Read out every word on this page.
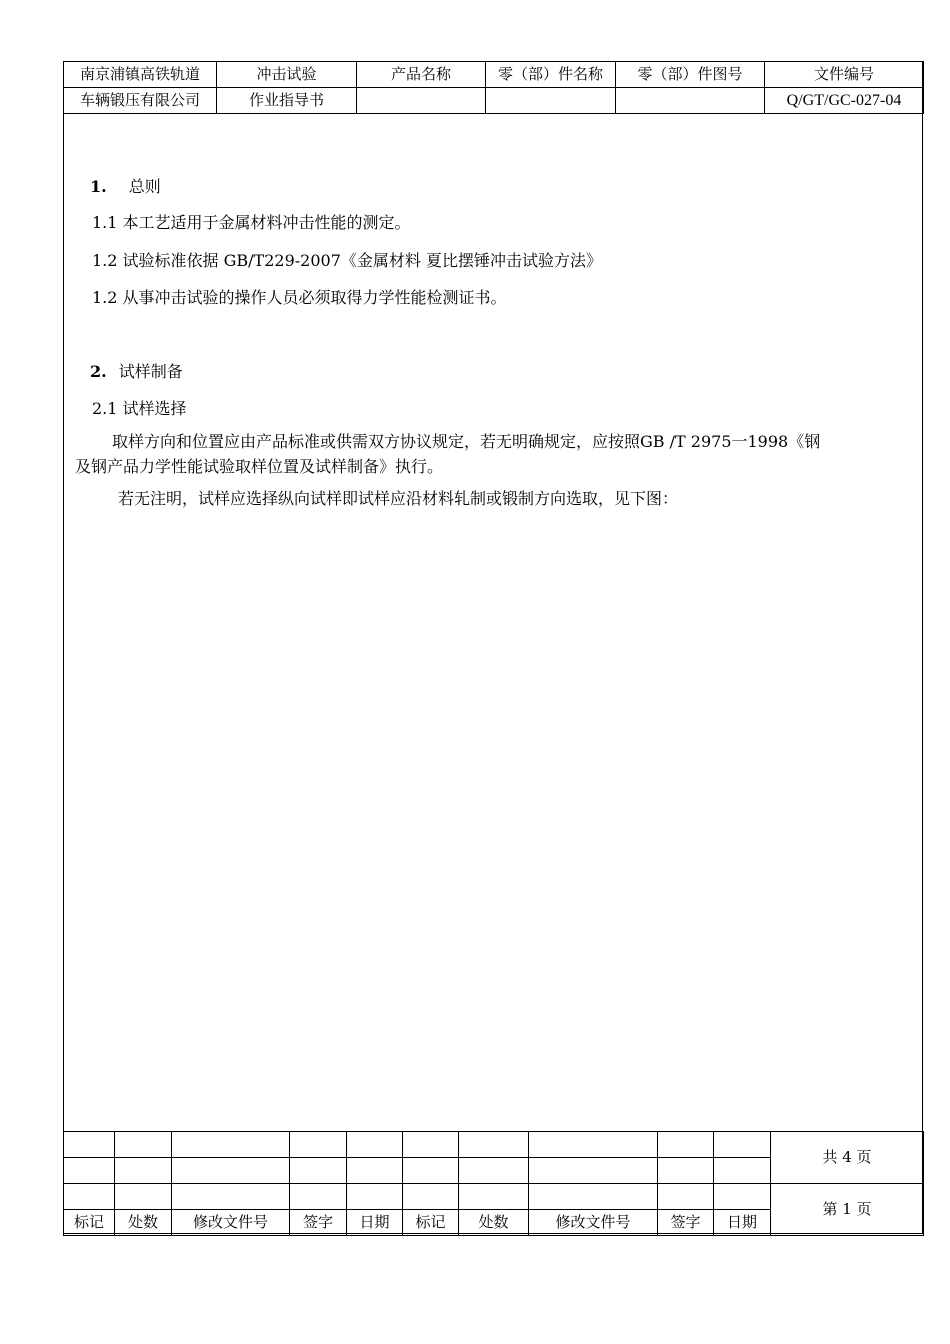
南京浦镇高铁轨道	冲击试验	产品名称	零（部）件名称	零（部）件图号	文件编号
车辆锻压有限公司	作业指导书				Q/GT/GC-027-04
1. 总则
1.1 本工艺适用于金属材料冲击性能的测定。
1.2 试验标准依据 GB/T229-2007《金属材料 夏比摆锤冲击试验方法》
1.2 从事冲击试验的操作人员必须取得力学性能检测证书。
2. 试样制备
2.1 试样选择
取样方向和位置应由产品标准或供需双方协议规定，若无明确规定，应按照GB /T 2975一1998《钢
及钢产品力学性能试验取样位置及试样制备》执行。
若无注明，试样应选择纵向试样即试样应沿材料轧制或锻制方向选取，见下图：
										共 4 页

										第 1 页
标记	处数	修改文件号	签字	日期	标记	处数	修改文件号	签字	日期	
